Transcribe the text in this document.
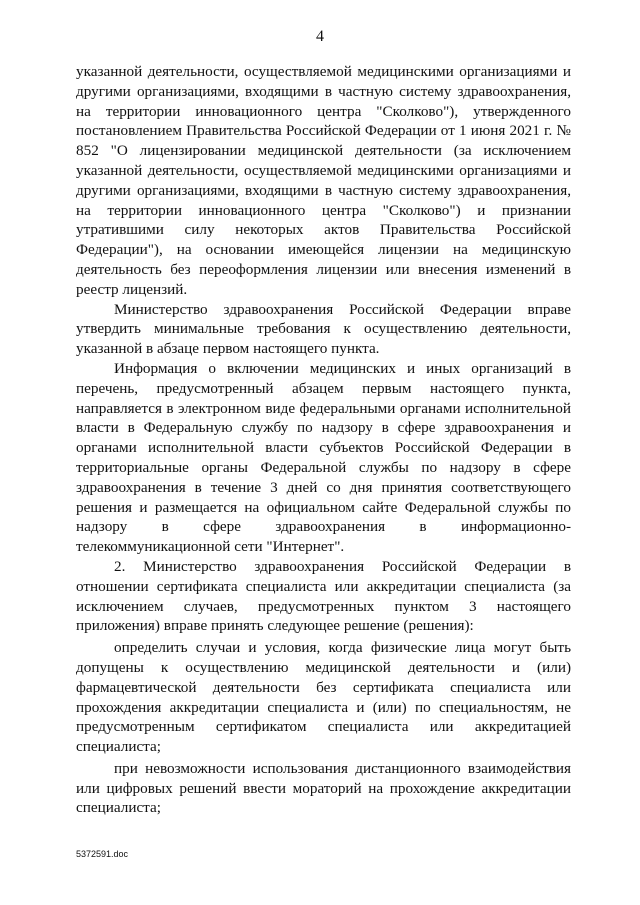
4

указанной деятельности, осуществляемой медицинскими организациями и другими организациями, входящими в частную систему здравоохранения, на территории инновационного центра "Сколково"), утвержденного постановлением Правительства Российской Федерации от 1 июня 2021 г. № 852 "О лицензировании медицинской деятельности (за исключением указанной деятельности, осуществляемой медицинскими организациями и другими организациями, входящими в частную систему здравоохранения, на территории инновационного центра "Сколково") и признании утратившими силу некоторых актов Правительства Российской Федерации"), на основании имеющейся лицензии на медицинскую деятельность без переоформления лицензии или внесения изменений в реестр лицензий.

Министерство здравоохранения Российской Федерации вправе утвердить минимальные требования к осуществлению деятельности, указанной в абзаце первом настоящего пункта.

Информация о включении медицинских и иных организаций в перечень, предусмотренный абзацем первым настоящего пункта, направляется в электронном виде федеральными органами исполнительной власти в Федеральную службу по надзору в сфере здравоохранения и органами исполнительной власти субъектов Российской Федерации в территориальные органы Федеральной службы по надзору в сфере здравоохранения в течение 3 дней со дня принятия соответствующего решения и размещается на официальном сайте Федеральной службы по надзору в сфере здравоохранения в информационно-телекоммуникационной сети "Интернет".

2. Министерство здравоохранения Российской Федерации в отношении сертификата специалиста или аккредитации специалиста (за исключением случаев, предусмотренных пунктом 3 настоящего приложения) вправе принять следующее решение (решения):

определить случаи и условия, когда физические лица могут быть допущены к осуществлению медицинской деятельности и (или) фармацевтической деятельности без сертификата специалиста или прохождения аккредитации специалиста и (или) по специальностям, не предусмотренным сертификатом специалиста или аккредитацией специалиста;

при невозможности использования дистанционного взаимодействия или цифровых решений ввести мораторий на прохождение аккредитации специалиста;

5372591.doc
